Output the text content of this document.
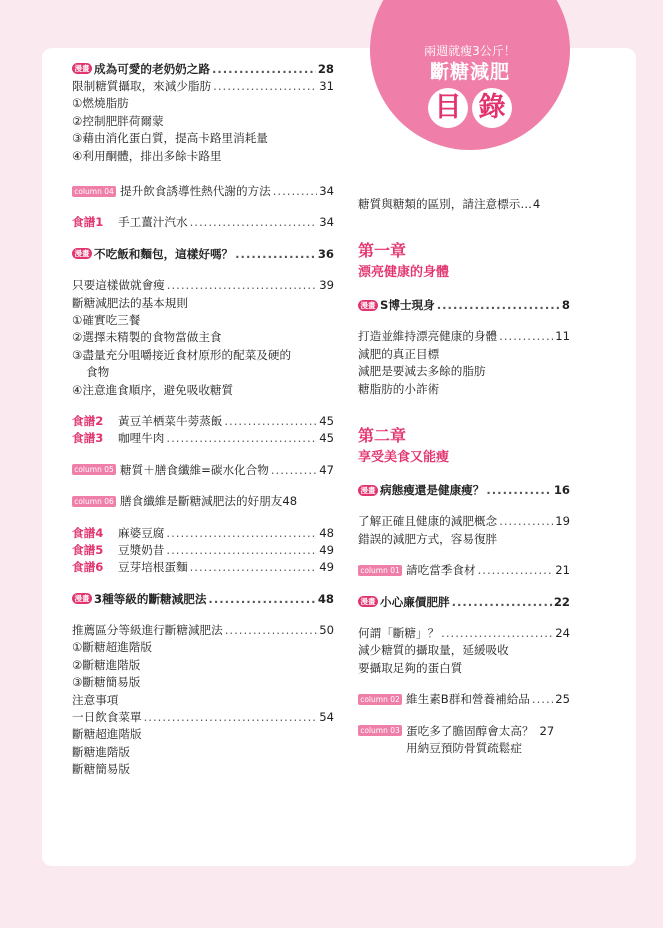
兩週就瘦3公斤！
斷糖減肥
目 錄
漫畫 成為可愛的老奶奶之路 .....	28
限制糖質攝取，來減少脂肪 .....	31
①燃燒脂肪
②控制肥胖荷爾蒙
③藉由消化蛋白質，提高卡路里消耗量
④利用酮體，排出多餘卡路里
column 04 提升飲食誘導性熱代謝的方法 .....	34
食譜1	手工薑汁汽水 .....	34
漫畫 不吃飯和麵包，這樣好嗎？ .....	36
只要這樣做就會瘦 .....	39
斷糖減肥法的基本規則
①確實吃三餐
②選擇未精製的食物當做主食
③盡量充分咀嚼接近食材原形的配菜及硬的
食物
④注意進食順序，避免吸收糖質
食譜2	黃豆羊栖菜牛蒡蒸飯 .....	45
食譜3	咖哩牛肉 .....	45
column 05 糖質＋膳食纖維=碳水化合物 .....	47
column 06 膳食纖維是斷糖減肥法的好朋友 48
食譜4	麻婆豆腐 .....	48
食譜5	豆漿奶昔 .....	49
食譜6	豆芽培根蛋麵 .....	49
漫畫 3種等級的斷糖減肥法 .....	48
推薦區分等級進行斷糖減肥法 .....	50
①斷糖超進階版
②斷糖進階版
③斷糖簡易版
注意事項
一日飲食菜單 .....	54
斷糖超進階版
斷糖進階版
斷糖簡易版
糖質與糖類的區別，請注意標示 … 4
第一章
漂亮健康的身體
漫畫 S博士現身 .....	8
打造並維持漂亮健康的身體 .....	11
減肥的真正目標
減肥是要減去多餘的脂肪
糖脂肪的小詐術
第二章
享受美食又能瘦
漫畫 病態瘦還是健康瘦？ .....	16
了解正確且健康的減肥概念 .....	19
錯誤的減肥方式，容易復胖
column 01 請吃當季食材 .....	21
漫畫 小心廉價肥胖 .....	22
何謂「斷糖」？ .....	24
減少糖質的攝取量，延緩吸收
要攝取足夠的蛋白質
column 02 維生素B群和營養補給品 ..... 25
column 03 蛋吃多了膽固醇會太高？ 27
用納豆預防骨質疏鬆症
